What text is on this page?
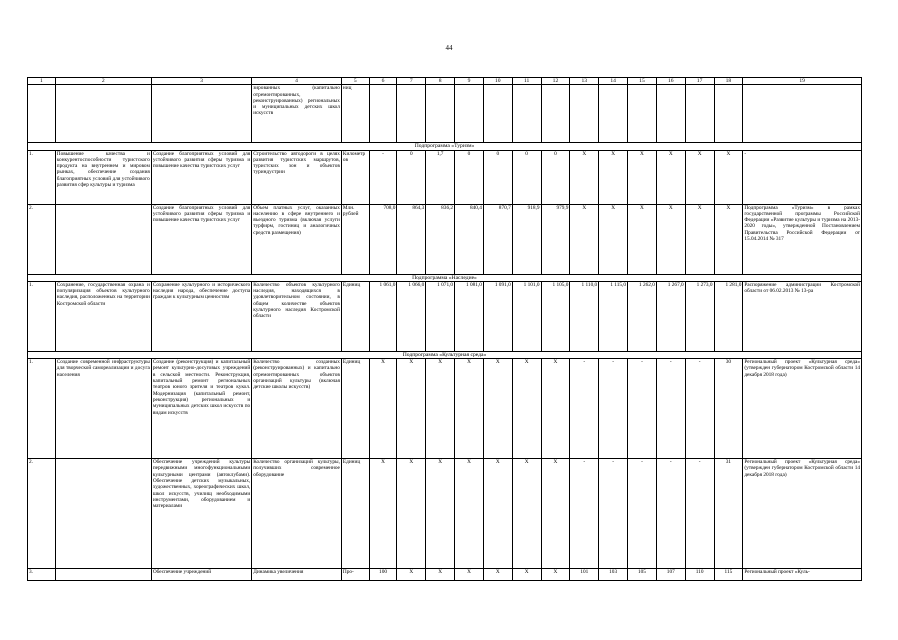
44
1	2	3	4	5	6	7	8	9	10	11	12	13	14	15	16	17	18	19
			зированных (капитально отремонтированных, реконструированных) региональных и муниципальных детских школ искусств	ниц														
Подпрограмма «Туризм»																		
1.	Повышение качества и конкурентоспособности туристского продукта на внутреннем и мировом рынках, обеспечение создания благоприятных условий для устойчивого развития сфер культуры и туризма	Создание благоприятных условий для устойчивого развития сферы туризма и повышение качества туристских услуг	Строительство автодороги в целях развития туристских маршрутов, туристских зон и объектов туриндустрии	Километров	-	0	1,7	0	0	0	0	X	X	X	X	X	X	-
2.		Создание благоприятных условий для устойчивого развития сферы туризма и повышение качества туристских услуг	Объем платных услуг, оказанных населению в сфере внутреннего и въездного туризма (включая услуги турфирм, гостиниц и аналогичных средств размещения)	Млн. рублей	708,0	864,3	836,2	840,4	870,7	918,9	979,9	X	X	X	X	X	X	Подпрограмма «Туризм» в рамках государственной программы Российской Федерации «Развитие культуры и туризма на 2013-2020 годы», утвержденной Постановлением Правительства Российской Федерации от 15.04.2014 № 317
Подпрограмма «Наследие»																		
1.	Сохранение, государственная охрана и популяризация объектов культурного наследия, расположенных на территории Костромской области	Сохранение культурного и исторического наследия народа, обеспечение доступа граждан к культурным ценностям	Количество объектов культурного наследия, находящихся в удовлетворительном состоянии, в общем количестве объектов культурного наследия Костромской области	Единиц	1 061,0	1 066,0	1 071,0	1 081,0	1 091,0	1 101,0	1 105,0	1 110,0	1 115,0	1 262,0	1 267,0	1 273,0	1 281,0	Распоряжение администрации Костромской области от 06.02.2013 № 13-ра
Подпрограмма «Культурная среда»																		
1.	Создание современной инфраструктуры для творческой самореализации и досуга населения	Создание (реконструкция) и капитальный ремонт культурно-досуговых учреждений в сельской местности. Реконструкция, капитальный ремонт региональных театров юного зрителя и театров кукол. Модернизация (капитальный ремонт, реконструкция) региональных и муниципальных детских школ искусств по видам искусств	Количество созданных (реконструированных) и капитально отремонтированных объектов организаций культуры (включая детские школы искусств)	Единиц	X	X	X	X	X	X	X	-	-	-	-	-	30	Региональный проект «Культурная среда» (утвержден губернатором Костромской области 14 декабря 2018 года)
2.		Обеспечение учреждений культуры передвижными многофункциональными культурными центрами (автоклубами). Обеспечение детских музыкальных, художественных, хореографических школ, школ искусств, училищ необходимыми инструментами, оборудованием и материалами	Количество организаций культуры, получивших современное оборудование	Единиц	X	X	X	X	X	X	X	-	-	-	-	-	31	Региональный проект «Культурная среда» (утвержден губернатором Костромской области 14 декабря 2018 года)
3.		Обеспечение учреждений	Динамика увеличения	Про-	100	X	X	X	X	X	X	101	103	105	107	110	115	Региональный проект «Куль-
